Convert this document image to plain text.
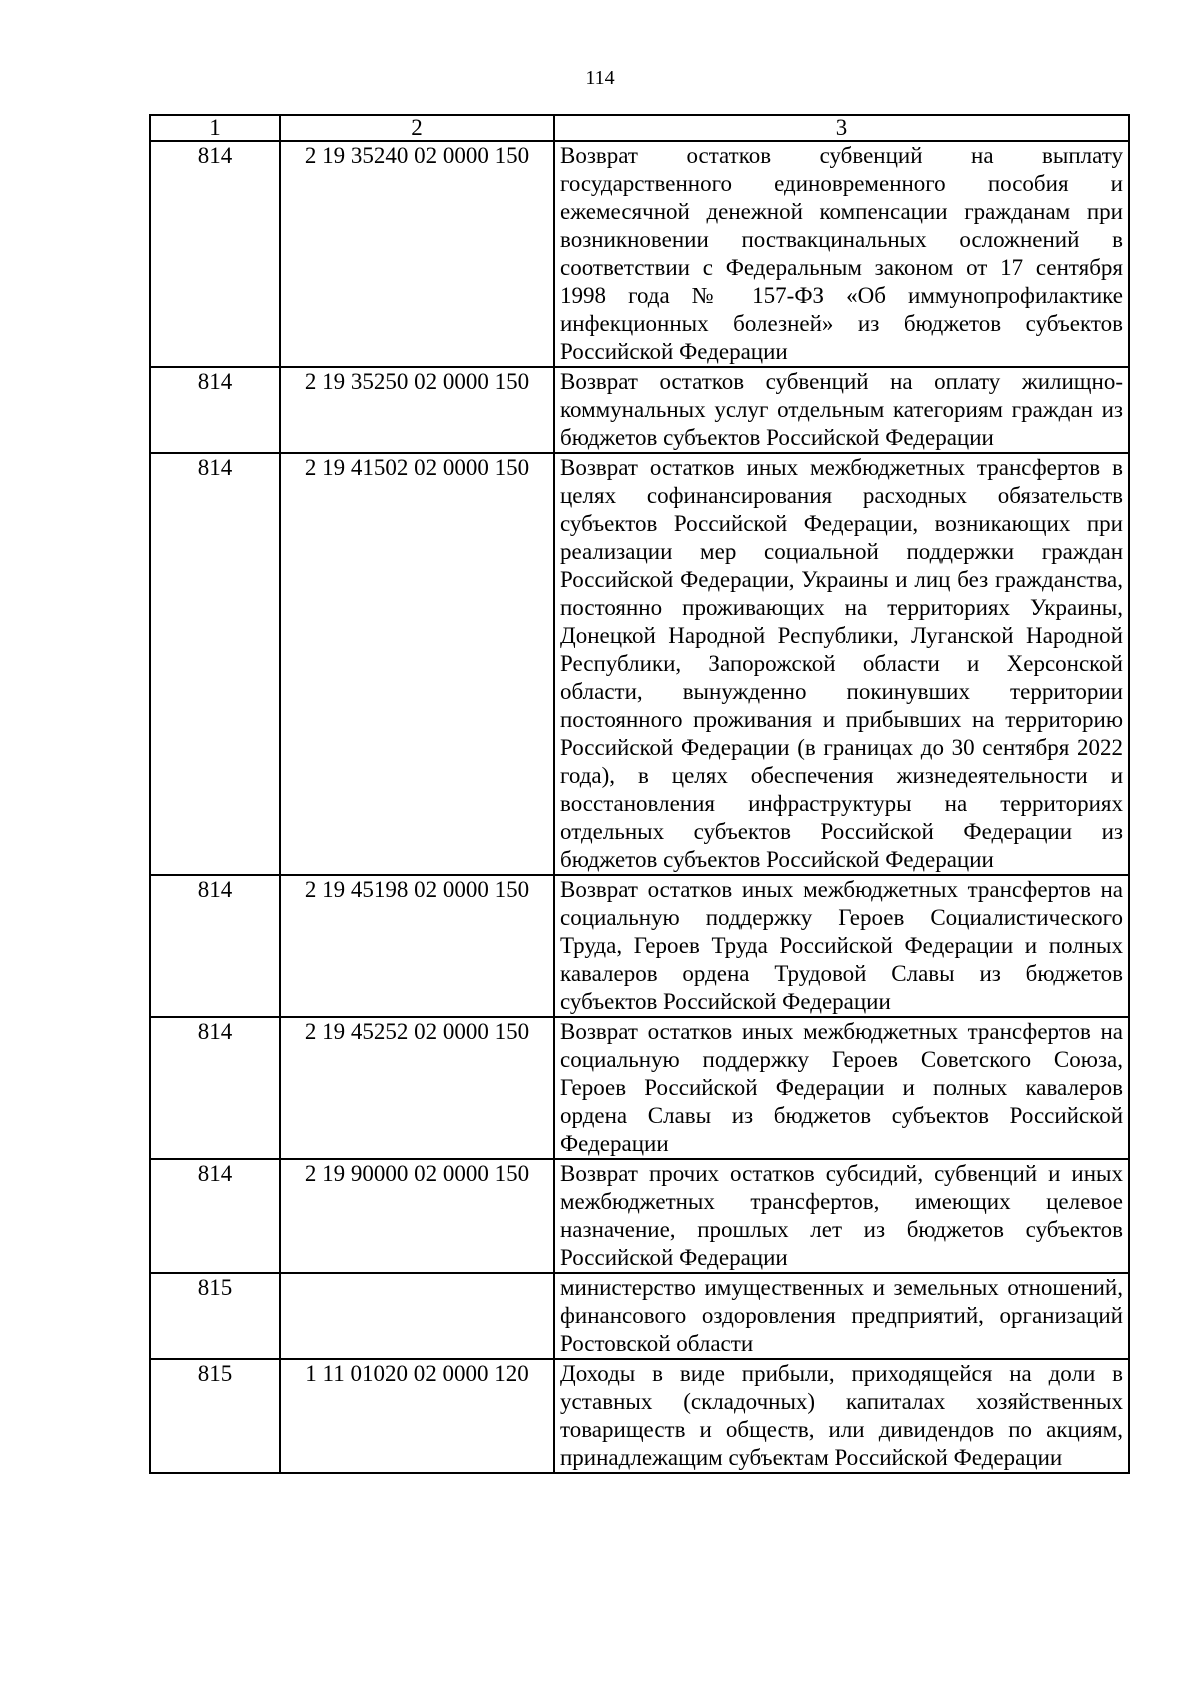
114
1	2	3
814	2 19 35240 02 0000 150	Возврат остатков субвенций на выплату государственного единовременного пособия и ежемесячной денежной компенсации гражданам при возникновении поствакцинальных осложнений в соответствии с Федеральным законом от 17 сентября 1998 года № 157-ФЗ «Об иммунопрофилактике инфекционных болезней» из бюджетов субъектов Российской Федерации
814	2 19 35250 02 0000 150	Возврат остатков субвенций на оплату жилищно-коммунальных услуг отдельным категориям граждан из бюджетов субъектов Российской Федерации
814	2 19 41502 02 0000 150	Возврат остатков иных межбюджетных трансфертов в целях софинансирования расходных обязательств субъектов Российской Федерации, возникающих при реализации мер социальной поддержки граждан Российской Федерации, Украины и лиц без гражданства, постоянно проживающих на территориях Украины, Донецкой Народной Республики, Луганской Народной Республики, Запорожской области и Херсонской области, вынужденно покинувших территории постоянного проживания и прибывших на территорию Российской Федерации (в границах до 30 сентября 2022 года), в целях обеспечения жизнедеятельности и восстановления инфраструктуры на территориях отдельных субъектов Российской Федерации из бюджетов субъектов Российской Федерации
814	2 19 45198 02 0000 150	Возврат остатков иных межбюджетных трансфертов на социальную поддержку Героев Социалистического Труда, Героев Труда Российской Федерации и полных кавалеров ордена Трудовой Славы из бюджетов субъектов Российской Федерации
814	2 19 45252 02 0000 150	Возврат остатков иных межбюджетных трансфертов на социальную поддержку Героев Советского Союза, Героев Российской Федерации и полных кавалеров ордена Славы из бюджетов субъектов Российской Федерации
814	2 19 90000 02 0000 150	Возврат прочих остатков субсидий, субвенций и иных межбюджетных трансфертов, имеющих целевое назначение, прошлых лет из бюджетов субъектов Российской Федерации
815		министерство имущественных и земельных отношений, финансового оздоровления предприятий, организаций Ростовской области
815	1 11 01020 02 0000 120	Доходы в виде прибыли, приходящейся на доли в уставных (складочных) капиталах хозяйственных товариществ и обществ, или дивидендов по акциям, принадлежащим субъектам Российской Федерации
